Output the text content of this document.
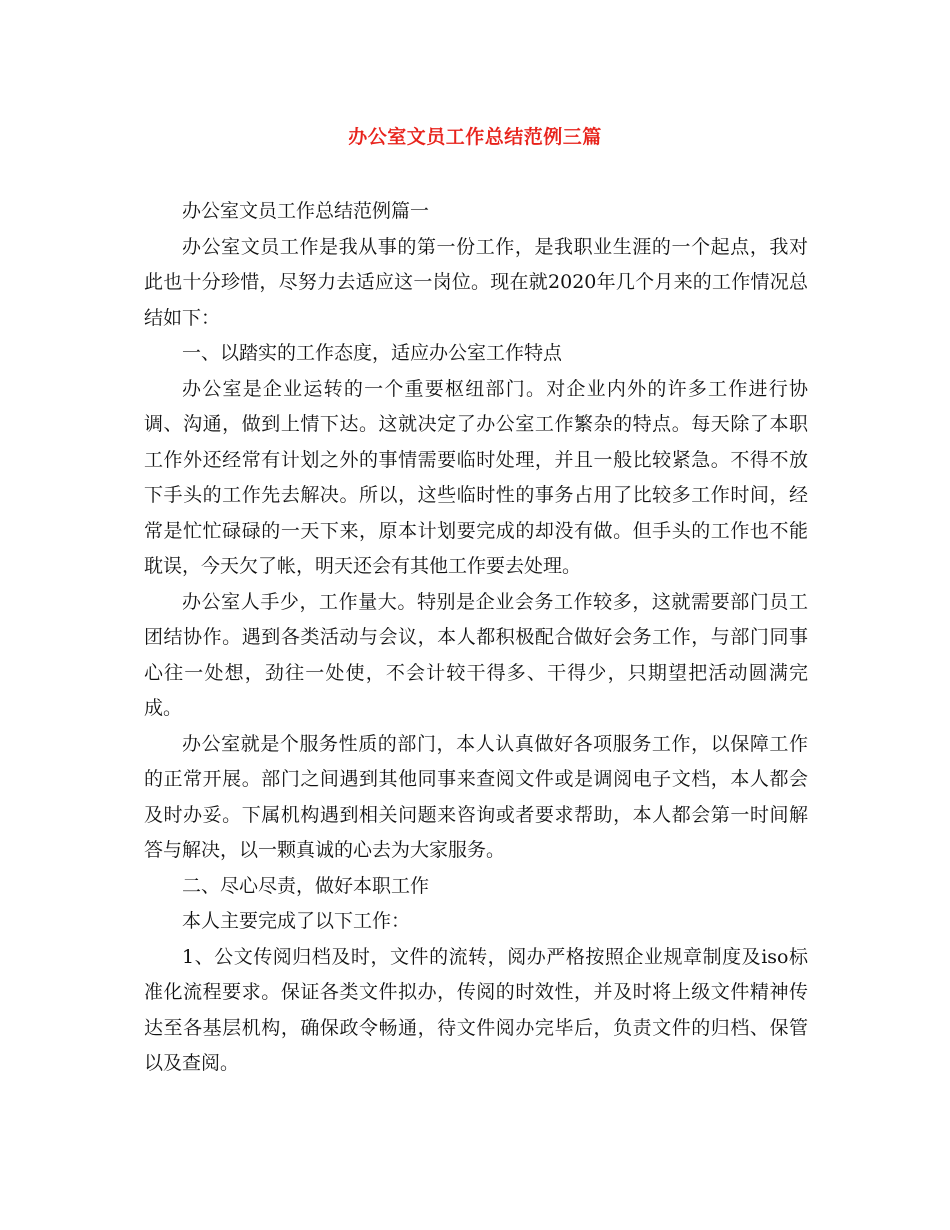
办公室文员工作总结范例三篇

办公室文员工作总结范例篇一

办公室文员工作是我从事的第一份工作，是我职业生涯的一个起点，我对此也十分珍惜，尽努力去适应这一岗位。现在就2020年几个月来的工作情况总结如下：

一、以踏实的工作态度，适应办公室工作特点

办公室是企业运转的一个重要枢纽部门。对企业内外的许多工作进行协调、沟通，做到上情下达。这就决定了办公室工作繁杂的特点。每天除了本职工作外还经常有计划之外的事情需要临时处理，并且一般比较紧急。不得不放下手头的工作先去解决。所以，这些临时性的事务占用了比较多工作时间，经常是忙忙碌碌的一天下来，原本计划要完成的却没有做。但手头的工作也不能耽误，今天欠了帐，明天还会有其他工作要去处理。

办公室人手少，工作量大。特别是企业会务工作较多，这就需要部门员工团结协作。遇到各类活动与会议，本人都积极配合做好会务工作，与部门同事心往一处想，劲往一处使，不会计较干得多、干得少，只期望把活动圆满完成。

办公室就是个服务性质的部门，本人认真做好各项服务工作，以保障工作的正常开展。部门之间遇到其他同事来查阅文件或是调阅电子文档，本人都会及时办妥。下属机构遇到相关问题来咨询或者要求帮助，本人都会第一时间解答与解决，以一颗真诚的心去为大家服务。

二、尽心尽责，做好本职工作

本人主要完成了以下工作：

1、公文传阅归档及时，文件的流转，阅办严格按照企业规章制度及iso标准化流程要求。保证各类文件拟办，传阅的时效性，并及时将上级文件精神传达至各基层机构，确保政令畅通，待文件阅办完毕后，负责文件的归档、保管以及查阅。
